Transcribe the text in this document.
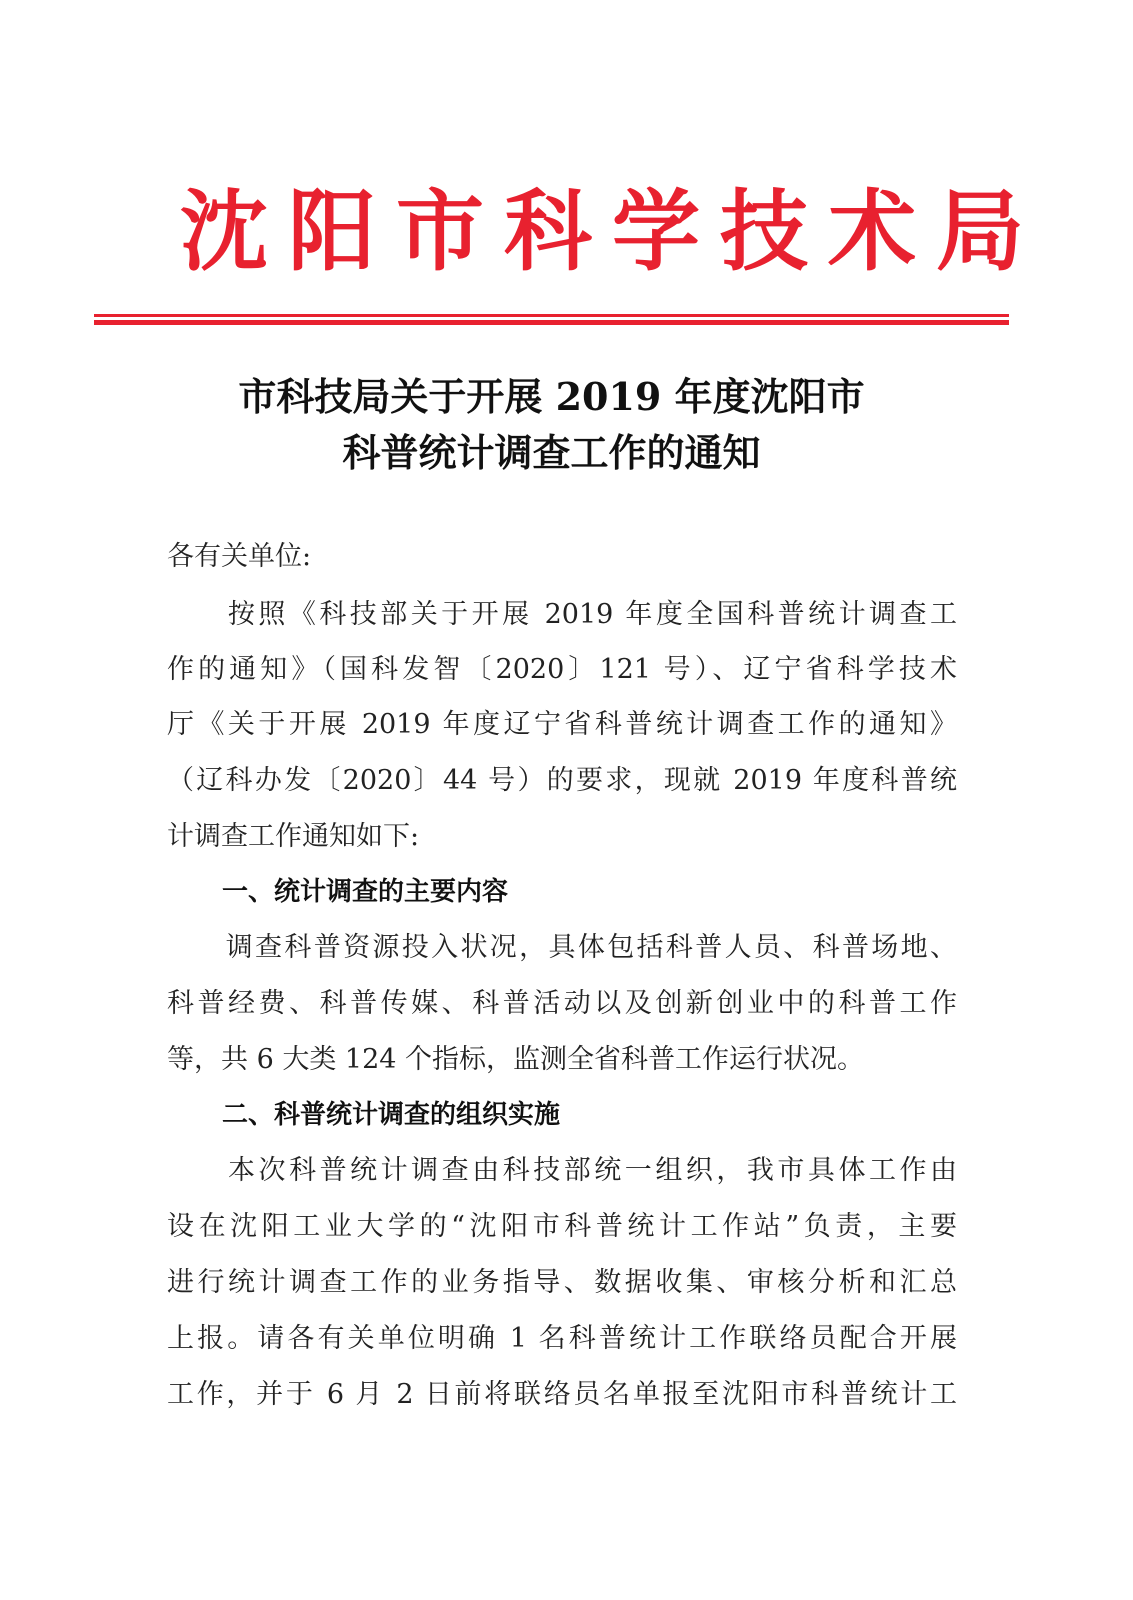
沈阳市科学技术局
市科技局关于开展 2019 年度沈阳市
科普统计调查工作的通知
各有关单位:
　　按照《科技部关于开展 2019 年度全国科普统计调查工
作的通知》（国科发智〔2020〕121 号）、辽宁省科学技术
厅《关于开展 2019 年度辽宁省科普统计调查工作的通知》
（辽科办发〔2020〕44 号）的要求，现就 2019 年度科普统
计调查工作通知如下:
一、统计调查的主要内容
　　调查科普资源投入状况，具体包括科普人员、科普场地、
科普经费、科普传媒、科普活动以及创新创业中的科普工作
等，共 6 大类 124 个指标，监测全省科普工作运行状况。
二、科普统计调查的组织实施
　　本次科普统计调查由科技部统一组织，我市具体工作由
设在沈阳工业大学的“沈阳市科普统计工作站”负责，主要
进行统计调查工作的业务指导、数据收集、审核分析和汇总
上报。请各有关单位明确 1 名科普统计工作联络员配合开展
工作，并于 6 月 2 日前将联络员名单报至沈阳市科普统计工
